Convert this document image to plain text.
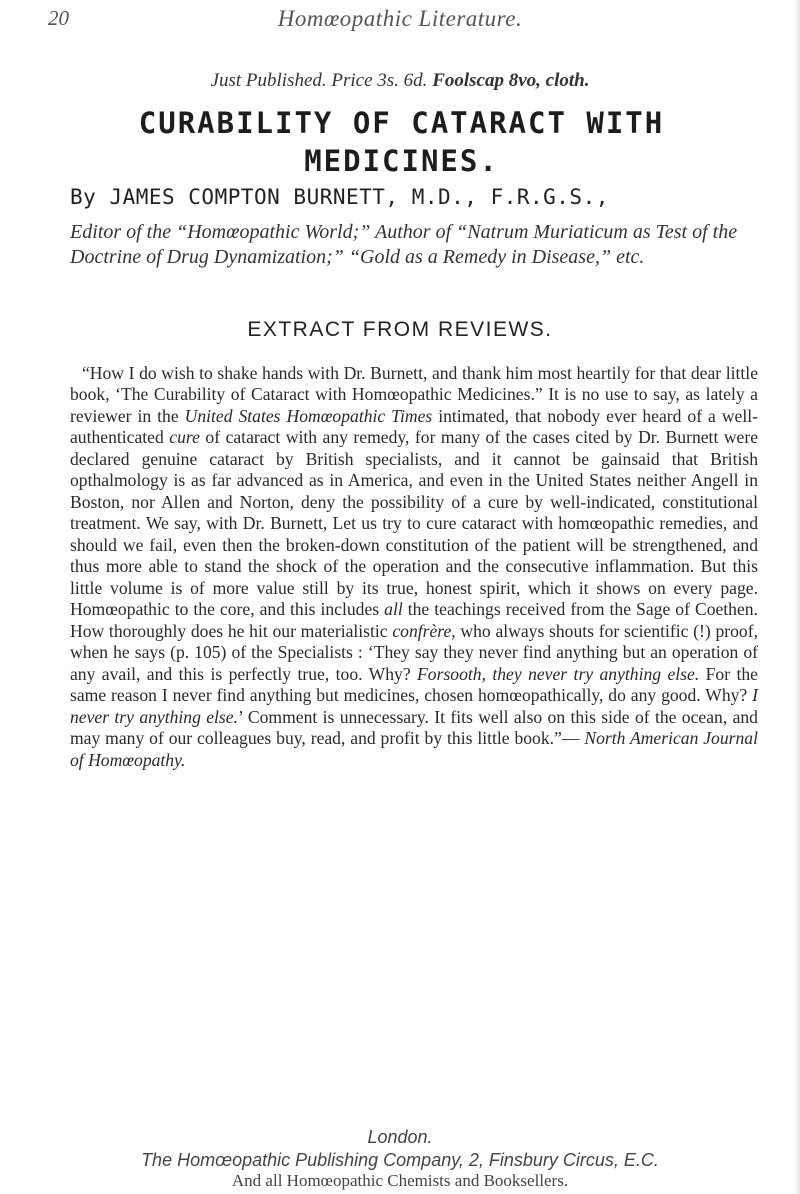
20	Homœopathic Literature.
Just Published. Price 3s. 6d. Foolscap 8vo, cloth.
CURABILITY OF CATARACT WITH
MEDICINES.
By JAMES COMPTON BURNETT, M.D., F.R.G.S.,
Editor of the “Homœopathic World;” Author of “Natrum Muriaticum as Test of the Doctrine of Drug Dynamization;” “Gold as a Remedy in Disease,” etc.
EXTRACT FROM REVIEWS.

“How I do wish to shake hands with Dr. Burnett, and thank him most heartily for that dear little book, ‘The Curability of Cataract with Homœopathic Medicines.” It is no use to say, as lately a reviewer in the United States Homœopathic Times intimated, that nobody ever heard of a well-authenticated cure of cataract with any remedy, for many of the cases cited by Dr. Burnett were declared genuine cataract by British specialists, and it cannot be gainsaid that British opthalmology is as far advanced as in America, and even in the United States neither Angell in Boston, nor Allen and Norton, deny the possibility of a cure by well-indicated, constitutional treatment. We say, with Dr. Burnett, Let us try to cure cataract with homœopathic remedies, and should we fail, even then the broken-down constitution of the patient will be strengthened, and thus more able to stand the shock of the operation and the consecutive inflammation. But this little volume is of more value still by its true, honest spirit, which it shows on every page. Homœopathic to the core, and this includes all the teachings received from the Sage of Coethen. How thoroughly does he hit our materialistic confrère, who always shouts for scientific (!) proof, when he says (p. 105) of the Specialists : ‘They say they never find anything but an operation of any avail, and this is perfectly true, too. Why? Forsooth, they never try anything else. For the same reason I never find anything but medicines, chosen homœopathically, do any good. Why? I never try anything else.’ Comment is unnecessary. It fits well also on this side of the ocean, and may many of our colleagues buy, read, and profit by this little book.”— North American Journal of Homœopathy.

London.
The Homœopathic Publishing Company, 2, Finsbury Circus, E.C.
And all Homœopathic Chemists and Booksellers.
